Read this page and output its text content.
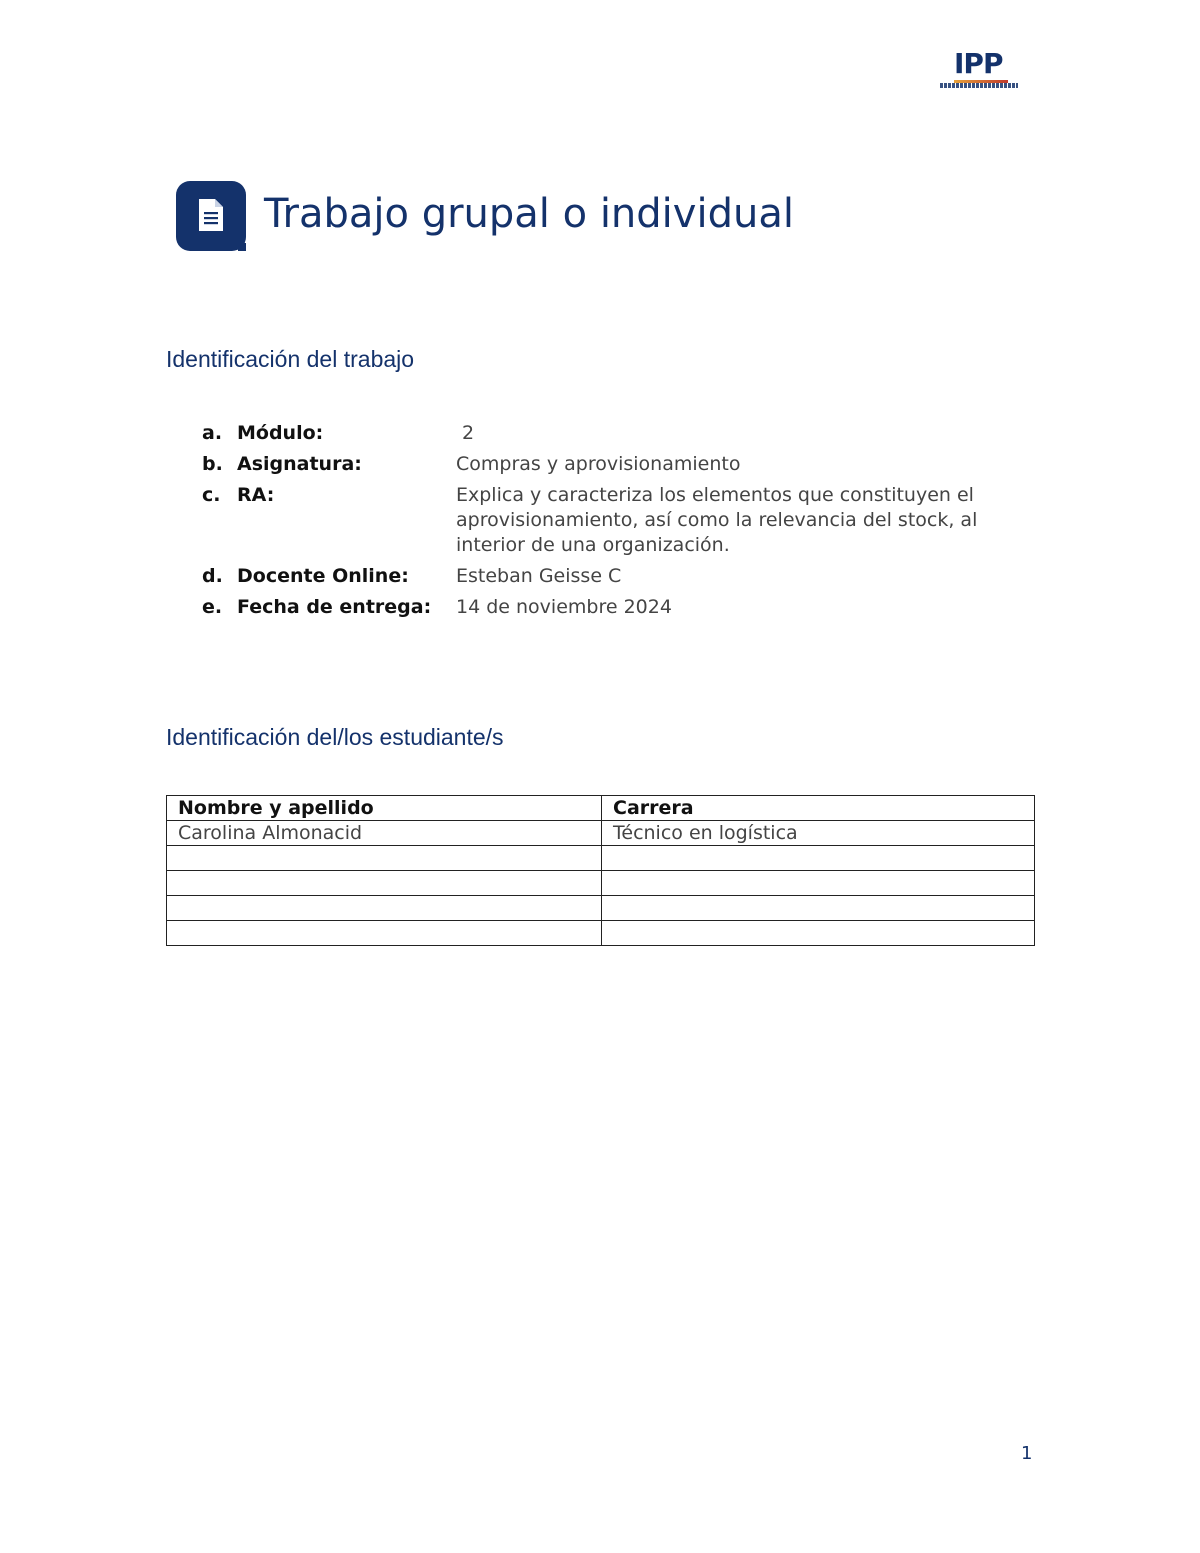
IPP
Trabajo grupal o individual
Identificación del trabajo
a. Módulo:	2
b. Asignatura:	Compras y aprovisionamiento
c. RA:	Explica y caracteriza los elementos que constituyen el aprovisionamiento, así como la relevancia del stock, al interior de una organización.
d. Docente Online: Esteban Geisse C
e. Fecha de entrega: 14 de noviembre 2024
Identificación del/los estudiante/s
Nombre y apellido	Carrera
Carolina Almonacid	Técnico en logística

1
